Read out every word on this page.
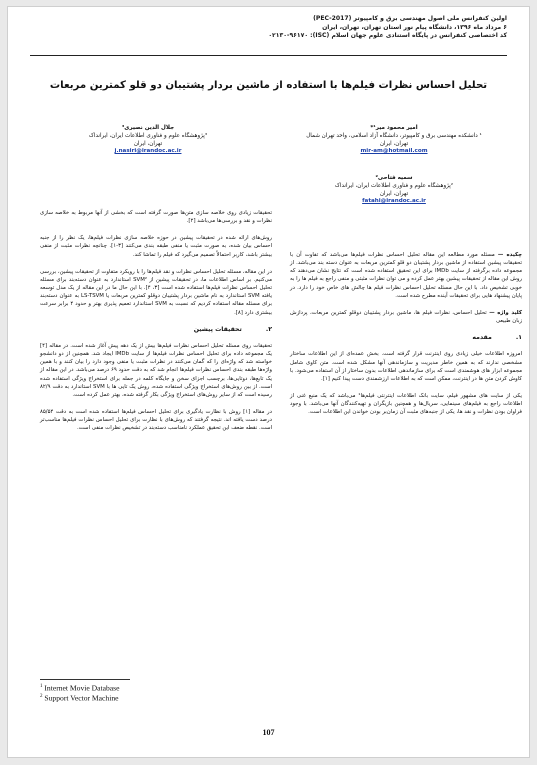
اولین کنفرانس ملی اصول مهندسی برق و کامپیوتر (PEC-2017)
۶ مرداد ماه ۱۳۹۶، دانشگاه پیام نور استان تهران، تهران، ایران
کد اختصاصی کنفرانس در پایگاه استنادی علوم جهان اسلام (ISC): ۰۲۱۳۰-۹۶۱۷۰
تحلیل احساس نظرات فیلم‌ها با استفاده از ماشین بردار پشتیبان دو قلو کمترین مربعات
امیر محمود میر¹*
¹ دانشکده مهندسی برق و کامپیوتر، دانشگاه آزاد اسلامی، واحد تهران شمال
تهران، ایران
mir-am@hotmail.com
سمیه فتاحی²
²پژوهشگاه علوم و فناوری اطلاعات ایران، ایرانداک
تهران، ایران
fatahi@irandoc.ac.ir
جلال الدین نصیری³
³پژوهشگاه علوم و فناوری اطلاعات ایران، ایرانداک
تهران، ایران
j.nasiri@irandoc.ac.ir

چکیده — مسئله مورد مطالعه این مقاله تحلیل احساس نظرات فیلم‌ها می‌باشد که تفاوت آن با تحقیقات پیشین استفاده از ماشین بردار پشتیبان دو قلو کمترین مربعات به عنوان دسته بند می‌باشد. از مجموعه داده برگرفته از سایت IMDb برای این تحقیق استفاده شده است که نتایج نشان می‌دهند که روش این مقاله از تحقیقات پیشین بهتر عمل کرده و می توان نظرات مثبتی و منفی راجع به فیلم ها را به خوبی تشخیص داد. با این حال مسئله تحلیل احساس نظرات فیلم ها چالش های خاص خود را دارد. در پایان پیشنهاد هایی برای تحقیقات آینده مطرح شده است.

کلید واژه — تحلیل احساس، نظرات فیلم ها، ماشین بردار پشتیبان دوقلو کمترین مربعات، پردازش زبان طبیعی

۱. مقدمه

امروزه اطلاعات خیلی زیادی روی اینترنت قرار گرفته است. بخش عمده‌ای از این اطلاعات ساختار مشخصی ندارند که به همین خاطر مدیریت و سازماندهی آنها مشکل شده است. متن کاوی شامل مجموعه ابزار های هوشمندی است که برای سازماندهی اطلاعات بدون ساختار از آن استفاده می‌شود. با کاوش کردن متن ها در اینترنت، ممکن است که به اطلاعات ارزشمندی دست پیدا کنیم [۱].

یکی از سایت های مشهور فیلم، سایت بانک اطلاعات اینترنتی فیلم‌ها¹ می‌باشد که یک منبع غنی از اطلاعات راجع به فیلم‌های سینمایی، سریال‌ها و همچنین بازیگران و تهیه‌کنندگان آنها می‌باشد. با وجود فراوان بودن نظرات و نقد ها، یکی از جنبه‌های مثبت آن زمان‌بر بودن خواندن این اطلاعات است.

تحقیقات زیادی روی خلاصه سازی متن‌ها صورت گرفته است که بخشی از آنها مربوط به خلاصه سازی نظرات و نقد و بررسی‌ها می‌باشد [۲].

روش‌های ارائه شده در تحقیقات پیشین در حوزه خلاصه سازی نظرات فیلم‌ها، یک نظر را از جنبه احساس بیان شده، به صورت مثبت یا منفی طبقه بندی می‌کنند [۳-۱]. چنانچه نظرات مثبت از منفی بیشتر باشد، کاربر احتمالاً تصمیم می‌گیرد که فیلم را تماشا کند.

در این مقاله، مسئله تحلیل احساس نظرات و نقد فیلم‌ها را با رویکرد متفاوت از تحقیقات پیشین، بررسی می‌کنیم. بر اساس اطلاعات ما، در تحقیقات پیشین از SVM² استاندارد به عنوان دسته‌بند برای مسئله تحلیل احساس نظرات فیلم‌ها استفاده شده است [۳، ۴]. با این حال ما در این مقاله از یک مدل توسعه یافته SVM استاندارد به نام ماشین بردار پشتیبان دوقلو کمترین مربعات یا LS-TSVM به عنوان دسته‌بند برای مسئله مقاله استفاده کردیم که نسبت به SVM استاندارد تعمیم پذیری بهتر و حدود ۴ برابر سرعت بیشتری دارد [۸].

۲. تحقیقات پیشین

تحقیقات روی مسئله تحلیل احساس نظرات فیلم‌ها بیش از یک دهه پیش آغاز شده است. در مقاله [۴] یک مجموعه داده برای تحلیل احساس نظرات فیلم‌ها از سایت IMDb ایجاد شد. همچنین از دو دانشجو خواسته شد که واژه‌ای را که گمان می‌کنند در نظرات مثبت یا منفی وجود دارد را بیان کنند و با همین واژه‌ها طبقه بندی احساس نظرات فیلم‌ها انجام شد که به دقت حدود ۶۹ درصد می‌باشد. در این مقاله از یک تابع‌ها، دوتایی‌ها، برچسب اجزای سخن و جایگاه کلمه در جمله برای استخراج ویژگی استفاده شده است. از بین روش‌های استخراج ویژگی استفاده شده، روش یک تایی ها با SVM استاندارد به دقت ۸۲/۹ رسیده است که از سایر روش‌های استخراج ویژگی بکار گرفته شده، بهتر عمل کرده است.

در مقاله [۱] روش با نظارت یادگیری برای تحلیل احساس فیلم‌ها استفاده شده است به دقت ۸۵/۵۴ درصد دست یافته اند. نتیجه گرفتند که روش‌های با نظارت برای تحلیل احساس نظرات فیلم‌ها مناسب‌تر است. نقطه ضعف این تحقیق عملکرد نامناسب دسته‌بند در تشخیص نظرات منفی است.

$^1$ Internet Movie Database
$^2$ Support Vector Machine
107
